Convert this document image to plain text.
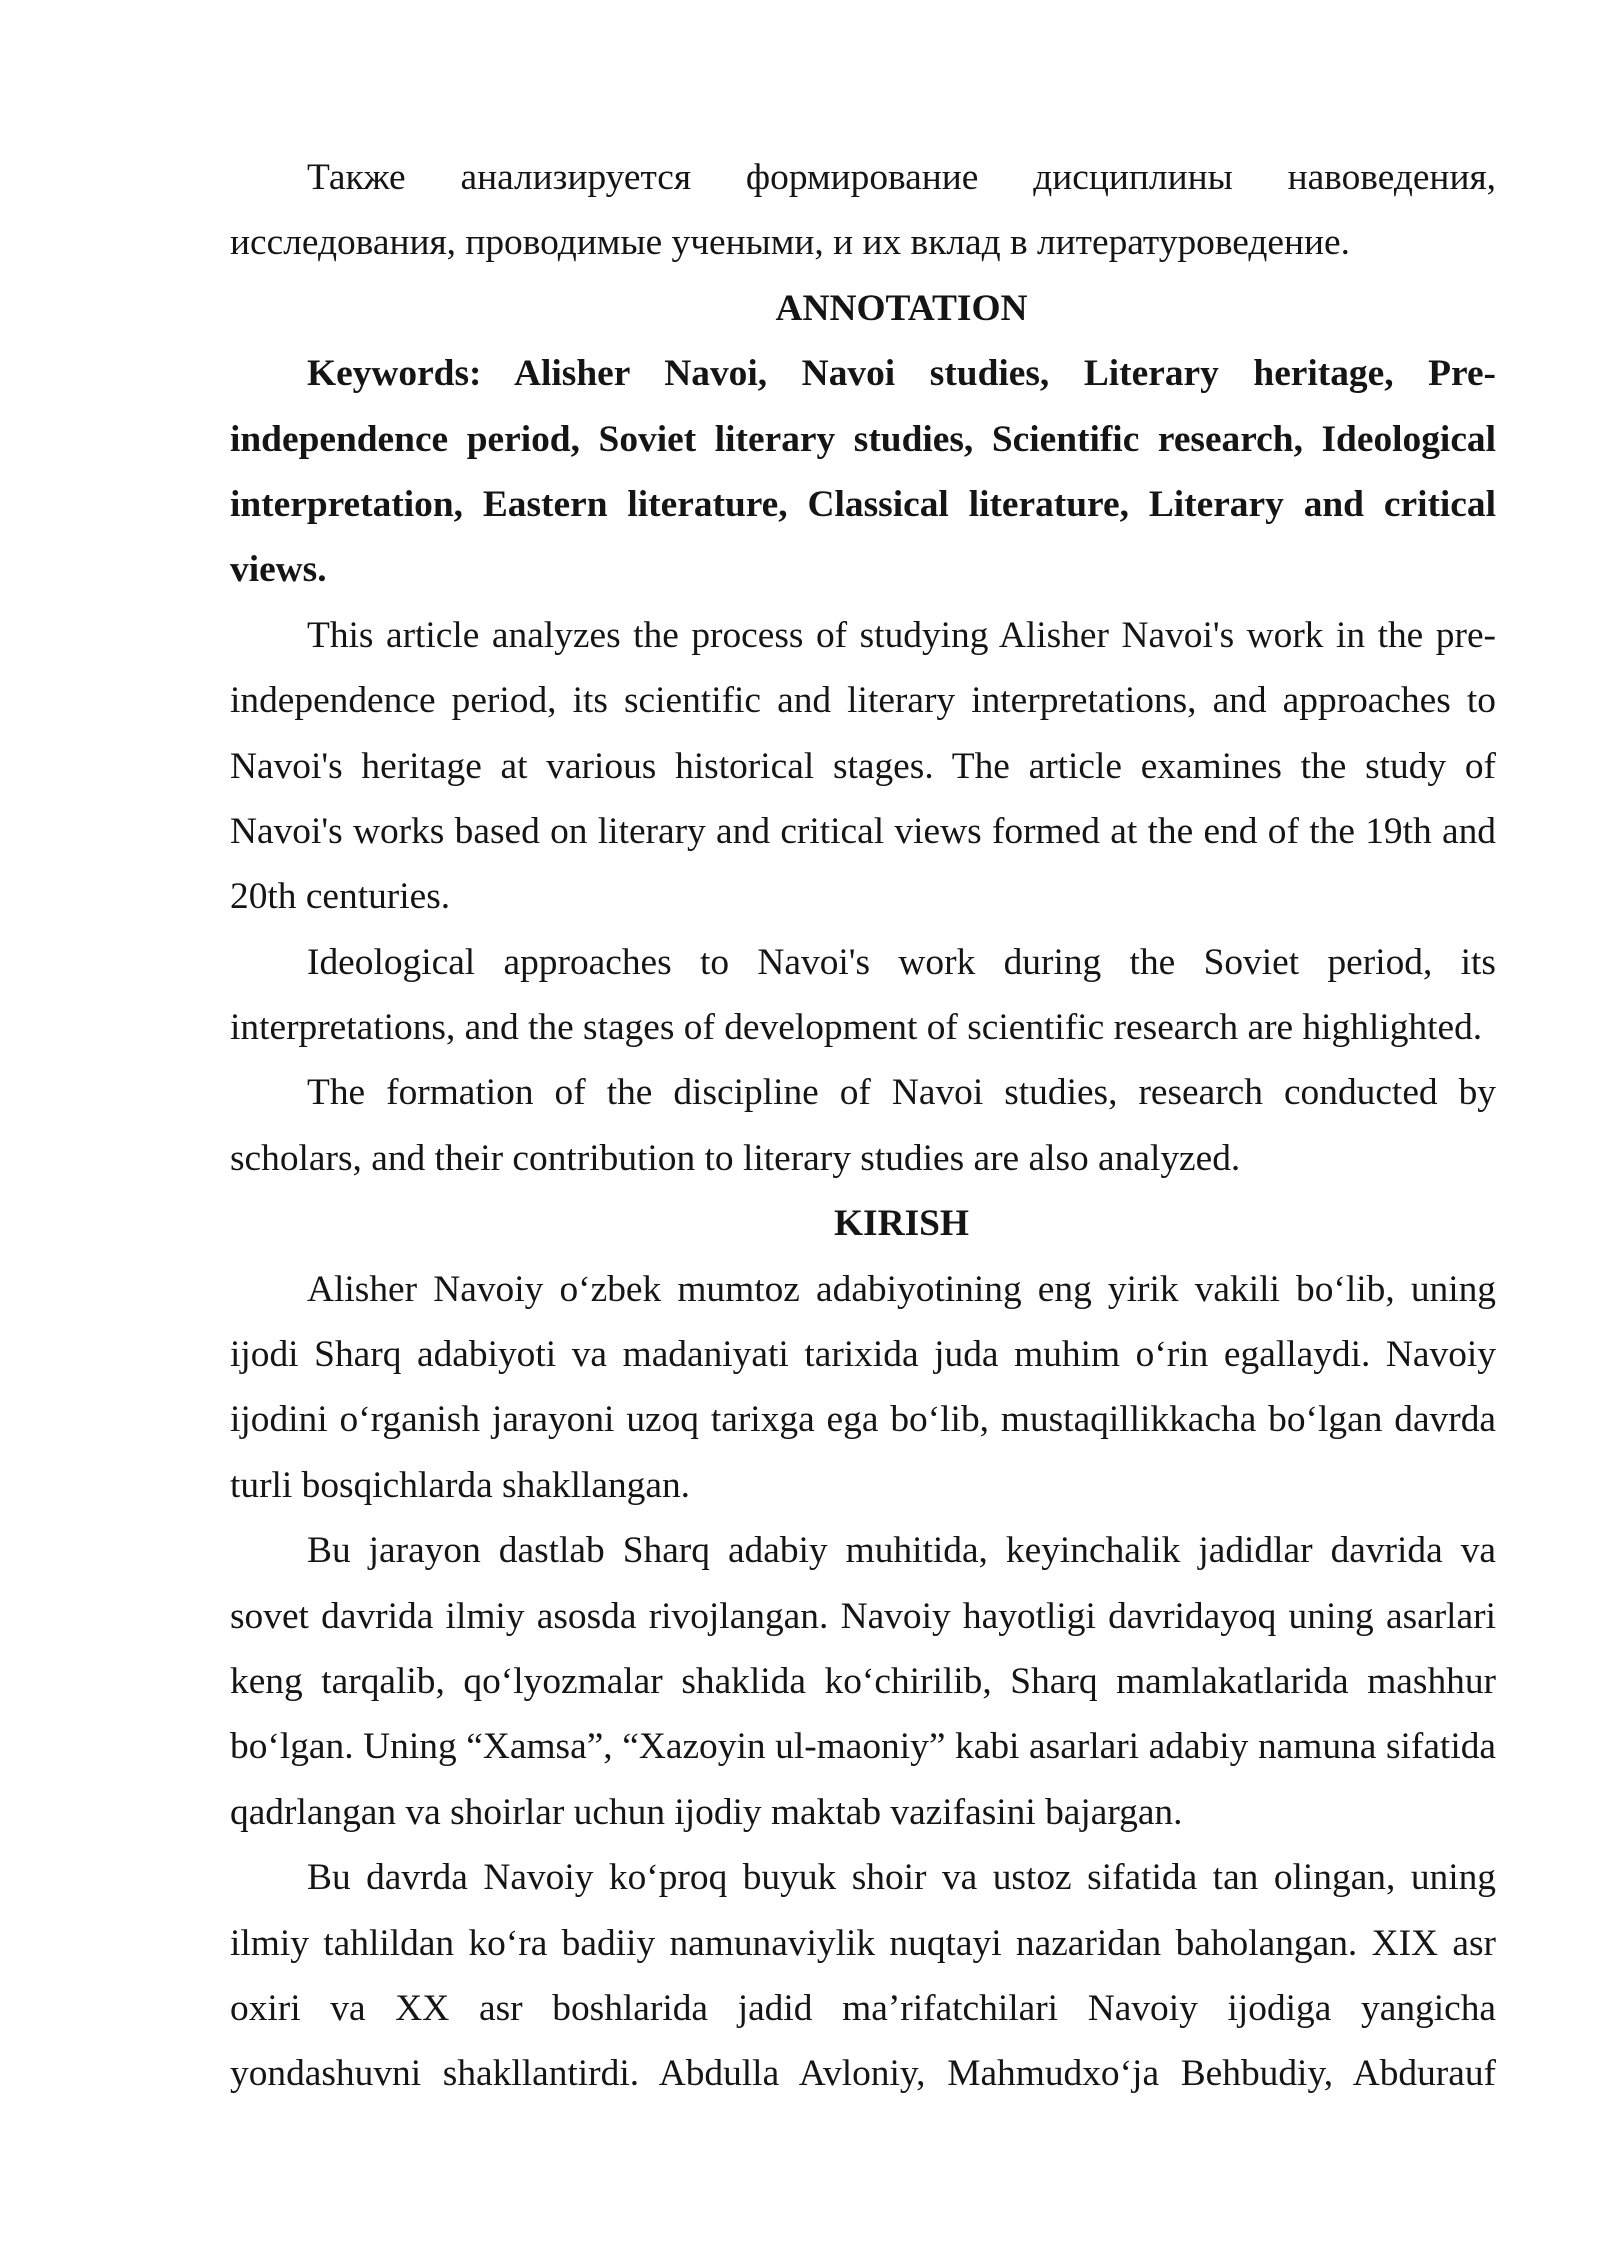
Также анализируется формирование дисциплины навоведения,
исследования, проводимые учеными, и их вклад в литературоведение.
ANNOTATION
Keywords: Alisher Navoi, Navoi studies, Literary heritage, Pre-
independence period, Soviet literary studies, Scientific research, Ideological
interpretation, Eastern literature, Classical literature, Literary and critical
views.
This article analyzes the process of studying Alisher Navoi's work in the pre-
independence period, its scientific and literary interpretations, and approaches to
Navoi's heritage at various historical stages. The article examines the study of
Navoi's works based on literary and critical views formed at the end of the 19th and
20th centuries.
Ideological approaches to Navoi's work during the Soviet period, its
interpretations, and the stages of development of scientific research are highlighted.
The formation of the discipline of Navoi studies, research conducted by
scholars, and their contribution to literary studies are also analyzed.
KIRISH
Alisher Navoiy o‘zbek mumtoz adabiyotining eng yirik vakili bo‘lib, uning
ijodi Sharq adabiyoti va madaniyati tarixida juda muhim o‘rin egallaydi. Navoiy
ijodini o‘rganish jarayoni uzoq tarixga ega bo‘lib, mustaqillikkacha bo‘lgan davrda
turli bosqichlarda shakllangan.
Bu jarayon dastlab Sharq adabiy muhitida, keyinchalik jadidlar davrida va
sovet davrida ilmiy asosda rivojlangan. Navoiy hayotligi davridayoq uning asarlari
keng tarqalib, qo‘lyozmalar shaklida ko‘chirilib, Sharq mamlakatlarida mashhur
bo‘lgan. Uning “Xamsa”, “Xazoyin ul-maoniy” kabi asarlari adabiy namuna sifatida
qadrlangan va shoirlar uchun ijodiy maktab vazifasini bajargan.
Bu davrda Navoiy ko‘proq buyuk shoir va ustoz sifatida tan olingan, uning
ilmiy tahlildan ko‘ra badiiy namunaviylik nuqtayi nazaridan baholangan. XIX asr
oxiri va XX asr boshlarida jadid ma’rifatchilari Navoiy ijodiga yangicha
yondashuvni shakllantirdi. Abdulla Avloniy, Mahmudxo‘ja Behbudiy, Abdurauf
